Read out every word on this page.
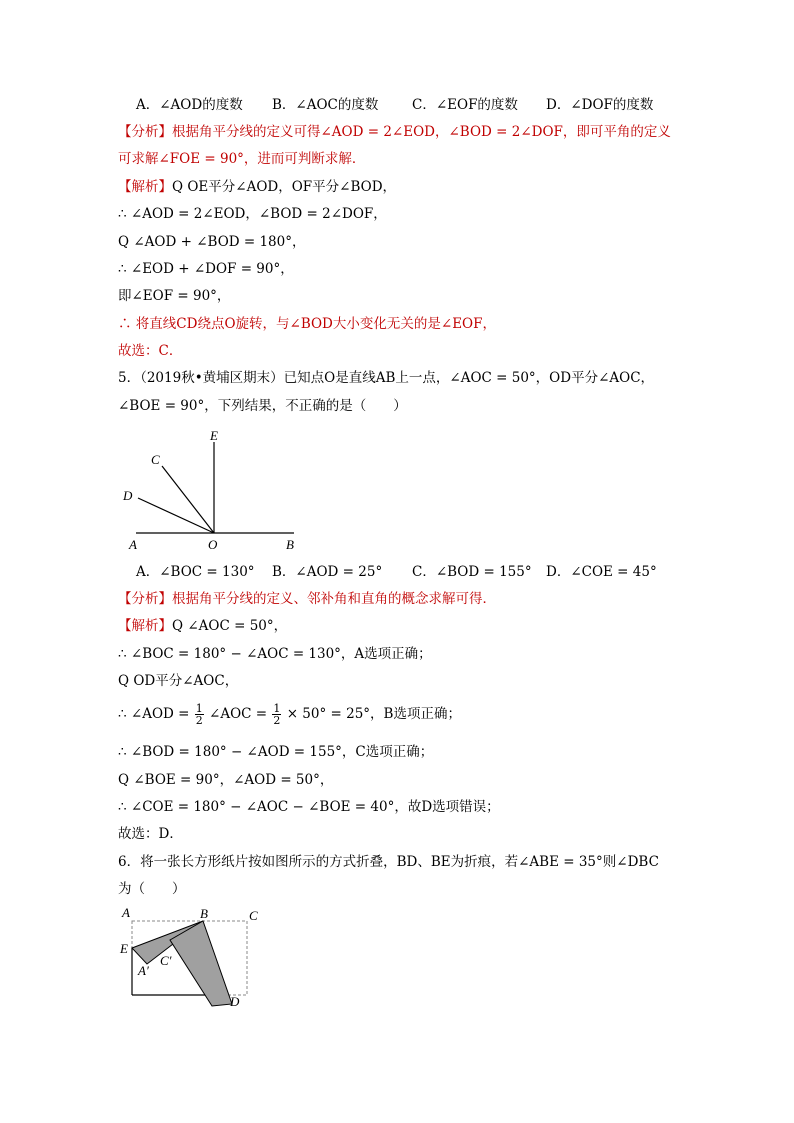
A．∠AOD的度数 B．∠AOC的度数 C．∠EOF的度数 D．∠DOF的度数
【分析】根据角平分线的定义可得∠AOD = 2∠EOD，∠BOD = 2∠DOF，即可平角的定义
可求解∠FOE = 90°，进而可判断求解．
【解析】Q OE平分∠AOD，OF平分∠BOD，
∴ ∠AOD = 2∠EOD，∠BOD = 2∠DOF，
Q ∠AOD + ∠BOD = 180°，
∴ ∠EOD + ∠DOF = 90°，
即∠EOF = 90°，
∴ 将直线CD绕点O旋转，与∠BOD大小变化无关的是∠EOF，
故选：C．
5．（2019秋•黄埔区期末）已知点O是直线AB上一点，∠AOC = 50°，OD平分∠AOC，
∠BOE = 90°，下列结果，不正确的是（　　）
E
C
D
A	O	B
A	B	C
E
A′
C′
D
A．∠BOC = 130° B．∠AOD = 25° C．∠BOD = 155° D．∠COE = 45°
【分析】根据角平分线的定义、邻补角和直角的概念求解可得．
【解析】Q ∠AOC = 50°，
∴ ∠BOC = 180° − ∠AOC = 130°，A选项正确；
Q OD平分∠AOC，
∴ ∠AOD = $\frac{1}{2}$ ∠AOC = $\frac{1}{2} \times 50^\circ = 25^\circ$，B选项正确；
∴ ∠BOD = 180° − ∠AOD = 155°，C选项正确；
Q ∠BOE = 90°，∠AOD = 50°，
∴ ∠COE = 180° − ∠AOC − ∠BOE = 40°，故D选项错误；
故选：D．
6．将一张长方形纸片按如图所示的方式折叠，BD、BE为折痕，若∠ABE = 35°则∠DBC
为（　　）
